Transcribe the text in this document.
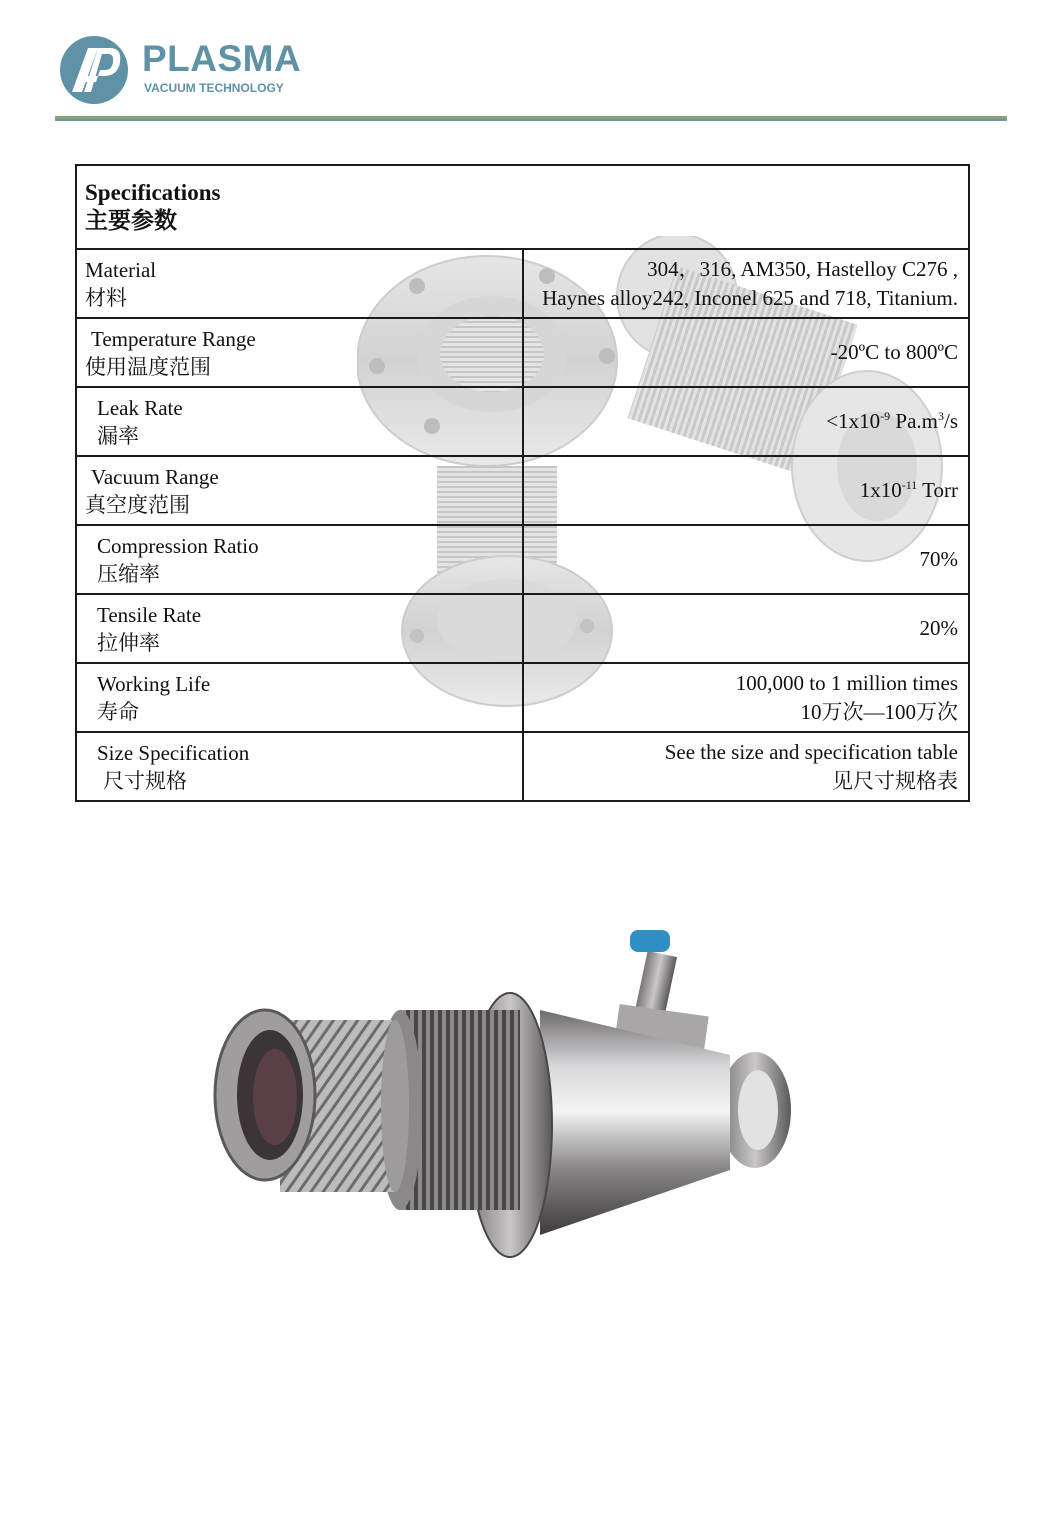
PLASMA
VACUUM TECHNOLOGY
Specifications
主要参数	

Material
材料	304，316, AM350, Hastelloy C276 ,
Haynes alloy242, Inconel 625 and 718, Titanium.

Temperature Range
使用温度范围	-20ºC to 800ºC

Leak Rate
漏率	$<1x10^{-9}$ $Pa.m^3/s$

Vacuum Range
真空度范围	$1x10^{-11}$ Torr

Compression Ratio
压缩率	70%

Tensile Rate
拉伸率	20%

Working Life
寿命	100,000 to 1 million times
10万次—100万次

Size Specification
尺寸规格	See the size and specification table
见尺寸规格表
